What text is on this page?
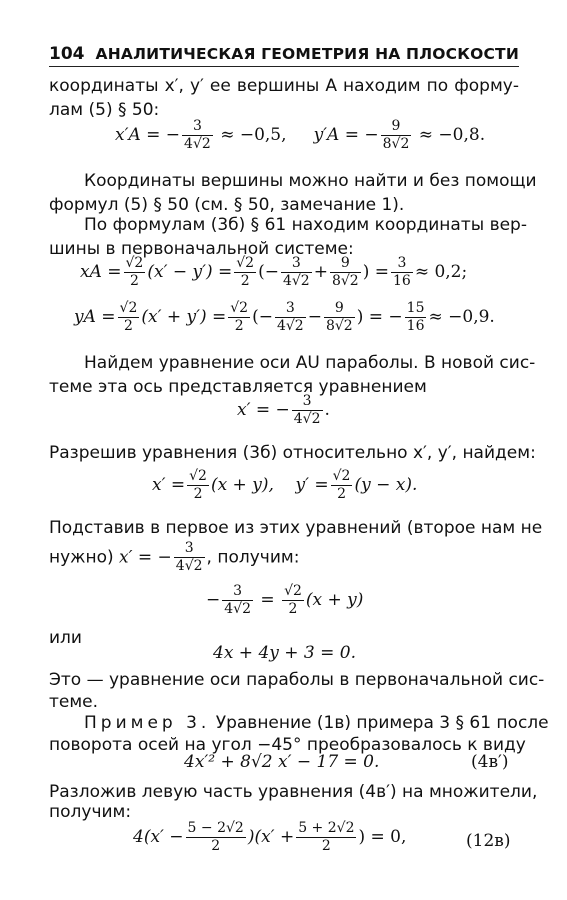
104 АНАЛИТИЧЕСКАЯ ГЕОМЕТРИЯ НА ПЛОСКОСТИ
координаты x′, y′ ее вершины A находим по форму-
лам (5) § 50:
x′A = − $\frac{3}{4√2} \approx -0,5$, y′A = − $\frac{9}{8√2} \approx -0,8$.
Координаты вершины можно найти и без помощи
формул (5) § 50 (см. § 50, замечание 1).
По формулам (3б) § 61 находим координаты вер-
шины в первоначальной системе:
xA = $\frac{√2}{2} (x' - y') = \frac{√2}{2}$ (− $\frac{3}{4√2} + \frac{9}{8√2}$ ) = $\frac{3}{16} \approx 0,2$;
yA = $\frac{√2}{2} (x' + y') = \frac{√2}{2}$ (− $\frac{3}{4√2} - \frac{9}{8√2}$ ) = − $\frac{15}{16} \approx -0,9$.
Найдем уравнение оси AU параболы. В новой сис-
теме эта ось представляется уравнением
x′ = − $\frac{3}{4√2}$ .
Разрешив уравнения (3б) относительно x′, y′, найдем:
$x' = \frac{√2}{2} (x + y)$, $y' = \frac{√2}{2} (y - x)$.
Подставив в первое из этих уравнений (второе нам не
нужно) x′ = − $\frac{3}{4√2}$ , получим:
− $\frac{3}{4√2} = \frac{√2}{2} (x + y)$
или
4x + 4y + 3 = 0.
Это — уравнение оси параболы в первоначальной сис-
теме.
Пример 3. Уравнение (1в) примера 3 § 61 после
поворота осей на угол −45° преобразовалось к виду
4x′² + 8√2 x′ − 17 = 0.	(4в′)
Разложив левую часть уравнения (4в′) на множители,
получим:
$4(x' - \frac{5 - 2√2}{2} )(x' + \frac{5 + 2√2}{2}$ ) = 0,	(12в)
